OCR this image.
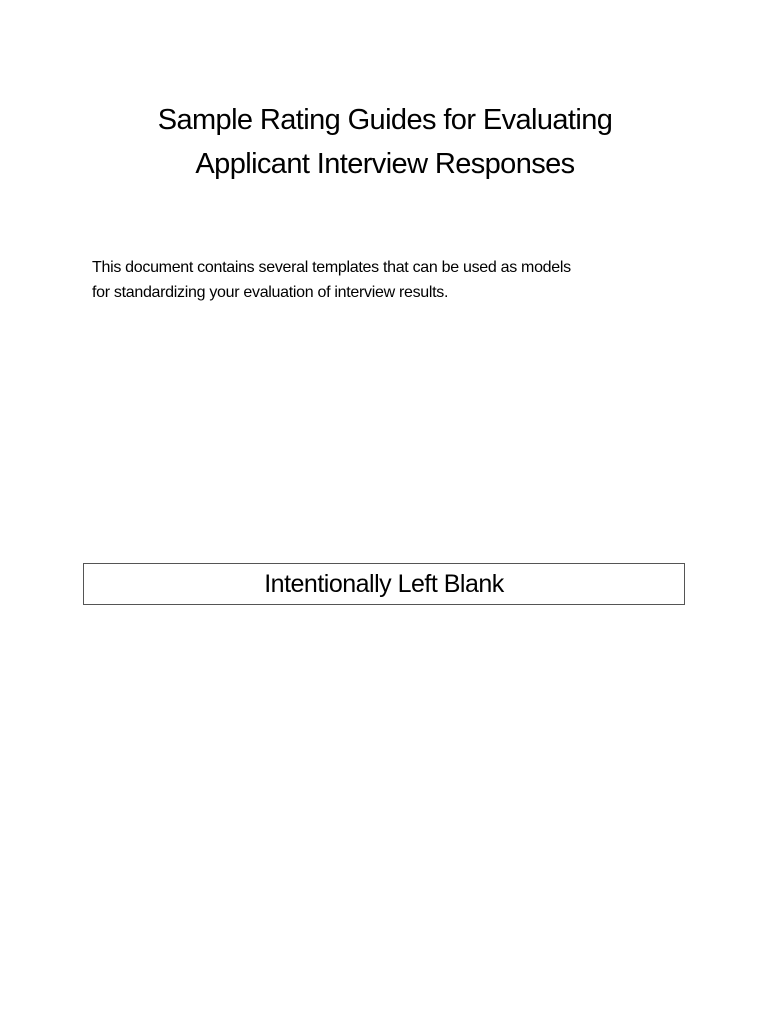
Sample Rating Guides for Evaluating
Applicant Interview Responses
This document contains several templates that can be used as models
for standardizing your evaluation of interview results.
Intentionally Left Blank
